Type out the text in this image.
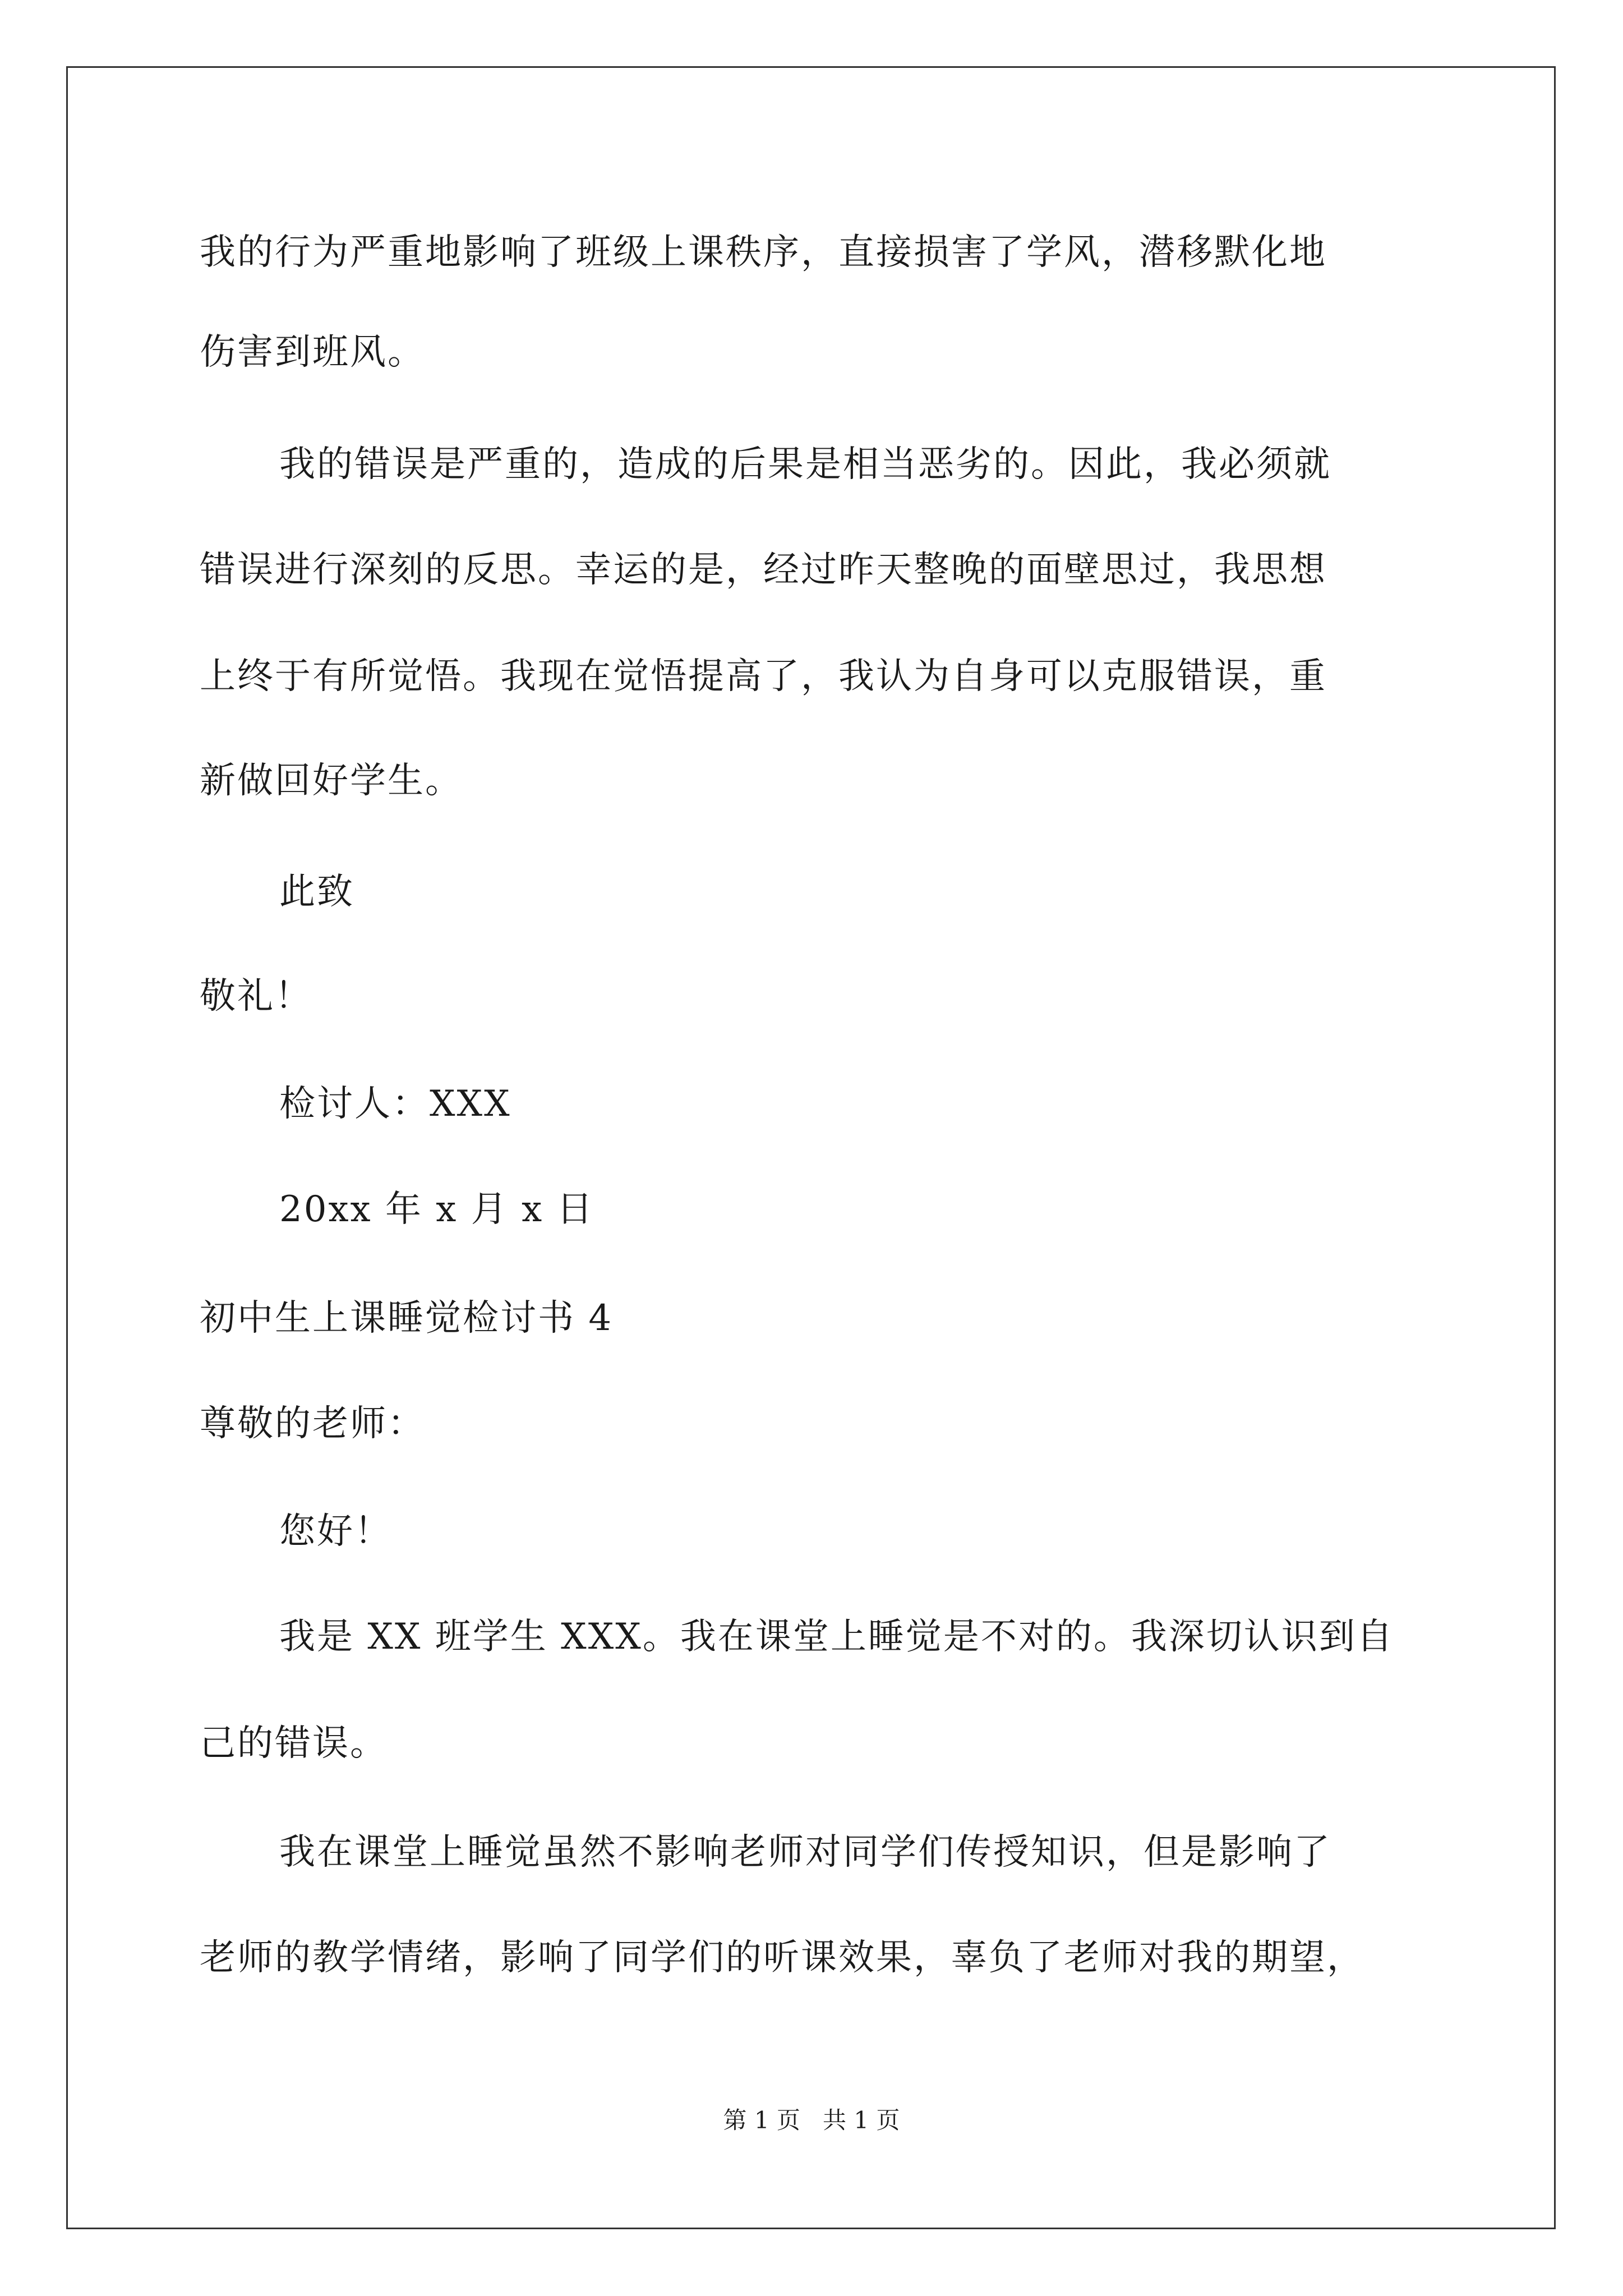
我的行为严重地影响了班级上课秩序，直接损害了学风，潜移默化地
伤害到班风。
我的错误是严重的，造成的后果是相当恶劣的。因此，我必须就
错误进行深刻的反思。幸运的是，经过昨天整晚的面壁思过，我思想
上终于有所觉悟。我现在觉悟提高了，我认为自身可以克服错误，重
新做回好学生。
此致
敬礼！
检讨人：XXX
20xx 年 x 月 x 日
初中生上课睡觉检讨书 4
尊敬的老师：
您好！
我是 XX 班学生 XXX。我在课堂上睡觉是不对的。我深切认识到自
己的错误。
我在课堂上睡觉虽然不影响老师对同学们传授知识，但是影响了
老师的教学情绪，影响了同学们的听课效果，辜负了老师对我的期望，
第 1 页   共 1 页
